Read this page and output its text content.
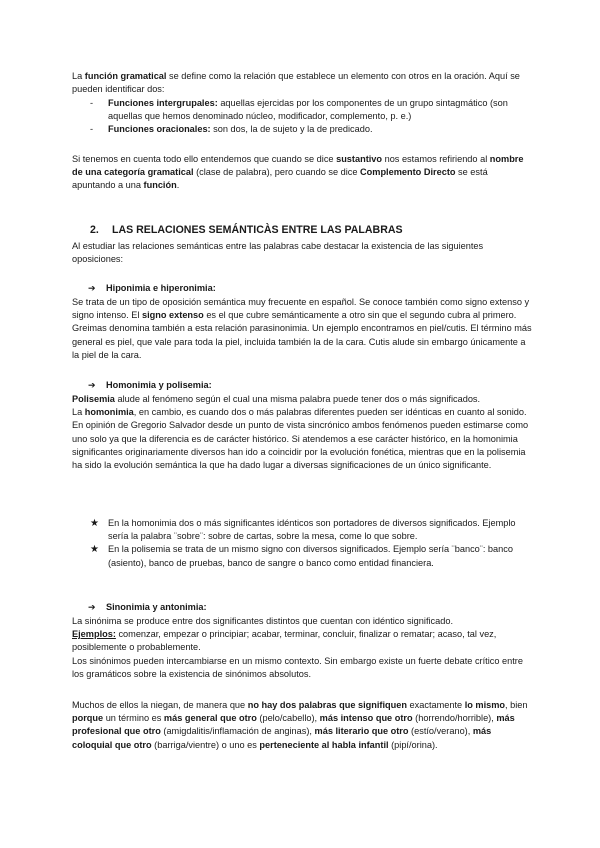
La función gramatical se define como la relación que establece un elemento con otros en la oración. Aquí se pueden identificar dos:

- Funciones intergrupales: aquellas ejercidas por los componentes de un grupo sintagmático (son aquellas que hemos denominado núcleo, modificador, complemento, p. e.)
- Funciones oracionales: son dos, la de sujeto y la de predicado.

Si tenemos en cuenta todo ello entendemos que cuando se dice sustantivo nos estamos refiriendo al nombre de una categoría gramatical (clase de palabra), pero cuando se dice Complemento Directo se está apuntando a una función.

2. LAS RELACIONES SEMÁNTICÀS ENTRE LAS PALABRAS

Al estudiar las relaciones semánticas entre las palabras cabe destacar la existencia de las siguientes oposiciones:

➔ Hiponimia e hiperonimia:

Se trata de un tipo de oposición semántica muy frecuente en español. Se conoce también como signo extenso y signo intenso. El signo extenso es el que cubre semánticamente a otro sin que el segundo cubra al primero. Greimas denomina también a esta relación parasinonimia. Un ejemplo encontramos en piel/cutis. El término más general es piel, que vale para toda la piel, incluida también la de la cara. Cutis alude sin embargo únicamente a la piel de la cara.

➔ Homonimia y polisemia:

Polisemia alude al fenómeno según el cual una misma palabra puede tener dos o más significados.

La homonimia, en cambio, es cuando dos o más palabras diferentes pueden ser idénticas en cuanto al sonido.

En opinión de Gregorio Salvador desde un punto de vista sincrónico ambos fenómenos pueden estimarse como uno solo ya que la diferencia es de carácter histórico. Si atendemos a ese carácter histórico, en la homonimia significantes originariamente diversos han ido a coincidir por la evolución fonética, mientras que en la polisemia ha sido la evolución semántica la que ha dado lugar a diversas significaciones de un único significante.

★ En la homonimia dos o más significantes idénticos son portadores de diversos significados. Ejemplo sería la palabra ¨sobre¨: sobre de cartas, sobre la mesa, come lo que sobre.
★ En la polisemia se trata de un mismo signo con diversos significados. Ejemplo sería ¨banco¨: banco (asiento), banco de pruebas, banco de sangre o banco como entidad financiera.
➔ Sinonimia y antonimia:

La sinónima se produce entre dos significantes distintos que cuentan con idéntico significado.

Ejemplos: comenzar, empezar o principiar; acabar, terminar, concluir, finalizar o rematar; acaso, tal vez, posiblemente o probablemente.

Los sinónimos pueden intercambiarse en un mismo contexto. Sin embargo existe un fuerte debate crítico entre los gramáticos sobre la existencia de sinónimos absolutos.

Muchos de ellos la niegan, de manera que no hay dos palabras que signifiquen exactamente lo mismo, bien porque un término es más general que otro (pelo/cabello), más intenso que otro (horrendo/horrible), más profesional que otro (amigdalitis/inflamación de anginas), más literario que otro (estío/verano), más coloquial que otro (barriga/vientre) o uno es perteneciente al habla infantil (pipí/orina).
